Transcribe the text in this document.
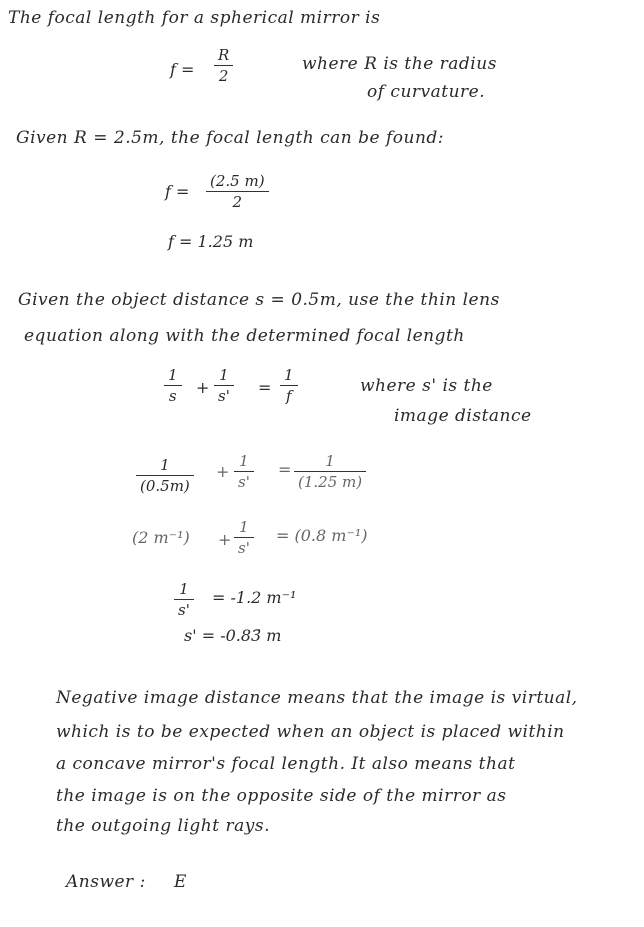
The focal length for a spherical mirror is
f =
R
2
where R is the radius
of curvature.
Given R = 2.5m, the focal length can be found:
f =
(2.5 m)
2
f = 1.25 m
Given the object distance s = 0.5m, use the thin lens
equation along with the determined focal length
1
s +
1
s' =
1
f	where s' is the
image distance
1
(0.5m)
+
1
s'
= 1
(1.25 m)
(2 m⁻¹) +
1
s'
= (0.8 m⁻¹)
1
s'
= -1.2 m⁻¹
s' = -0.83̄ m
Negative image distance means that the image is virtual,
which is to be expected when an object is placed within
a concave mirror's focal length. It also means that
the image is on the opposite side of the mirror as
the outgoing light rays.
Answer : E
